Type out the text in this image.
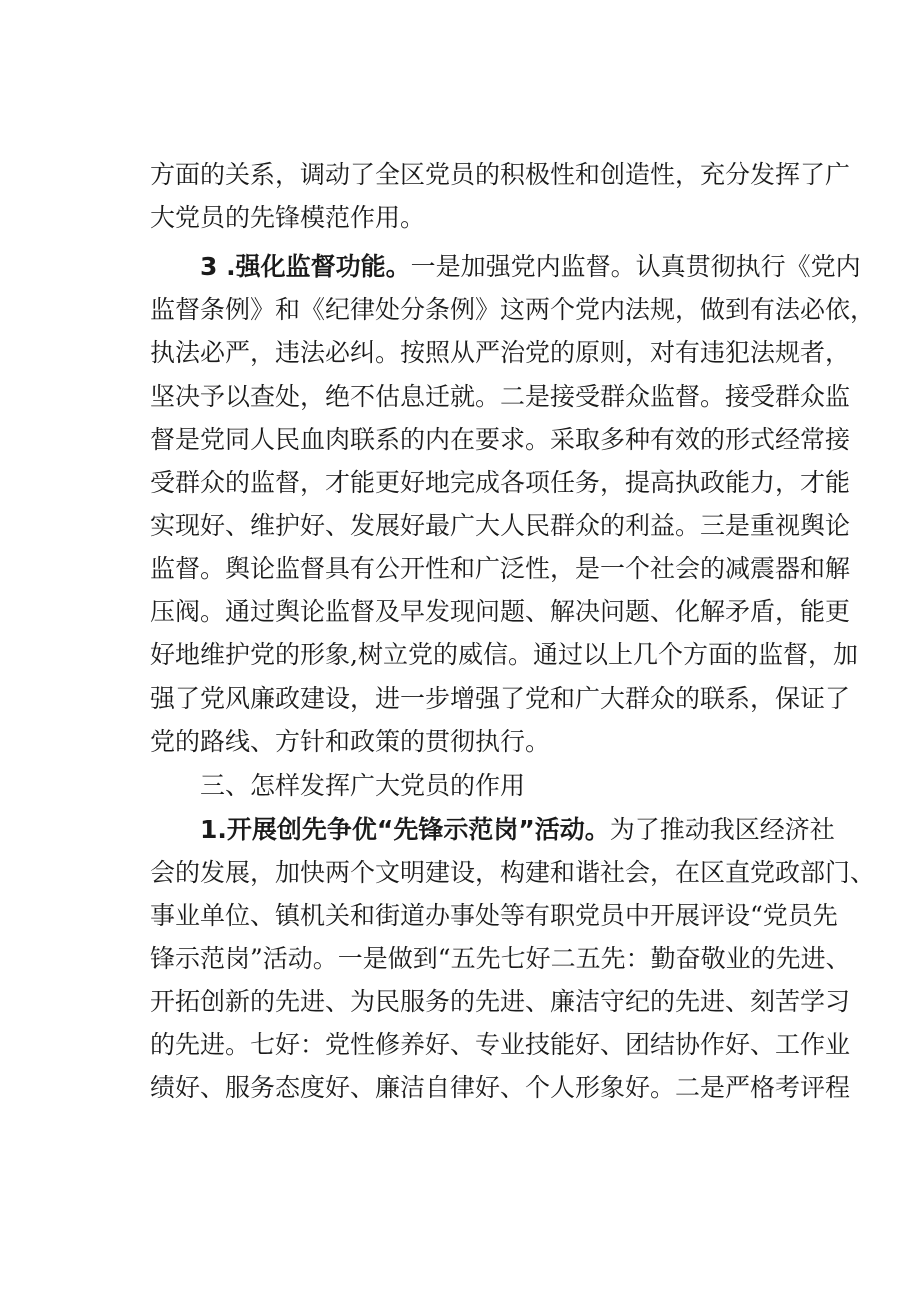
方面的关系，调动了全区党员的积极性和创造性，充分发挥了广
大党员的先锋模范作用。
3 .强化监督功能。一是加强党内监督。认真贯彻执行《党内
监督条例》和《纪律处分条例》这两个党内法规，做到有法必依，
执法必严，违法必纠。按照从严治党的原则，对有违犯法规者，
坚决予以查处，绝不估息迁就。二是接受群众监督。接受群众监
督是党同人民血肉联系的内在要求。采取多种有效的形式经常接
受群众的监督，才能更好地完成各项任务，提高执政能力，才能
实现好、维护好、发展好最广大人民群众的利益。三是重视舆论
监督。舆论监督具有公开性和广泛性，是一个社会的减震器和解
压阀。通过舆论监督及早发现问题、解决问题、化解矛盾，能更
好地维护党的形象,树立党的威信。通过以上几个方面的监督，加
强了党风廉政建设，进一步增强了党和广大群众的联系，保证了
党的路线、方针和政策的贯彻执行。
三、怎样发挥广大党员的作用
1.开展创先争优“先锋示范岗”活动。为了推动我区经济社
会的发展，加快两个文明建设，构建和谐社会，在区直党政部门、
事业单位、镇机关和街道办事处等有职党员中开展评设“党员先
锋示范岗”活动。一是做到“五先七好二五先：勤奋敬业的先进、
开拓创新的先进、为民服务的先进、廉洁守纪的先进、刻苦学习
的先进。七好：党性修养好、专业技能好、团结协作好、工作业
绩好、服务态度好、廉洁自律好、个人形象好。二是严格考评程
